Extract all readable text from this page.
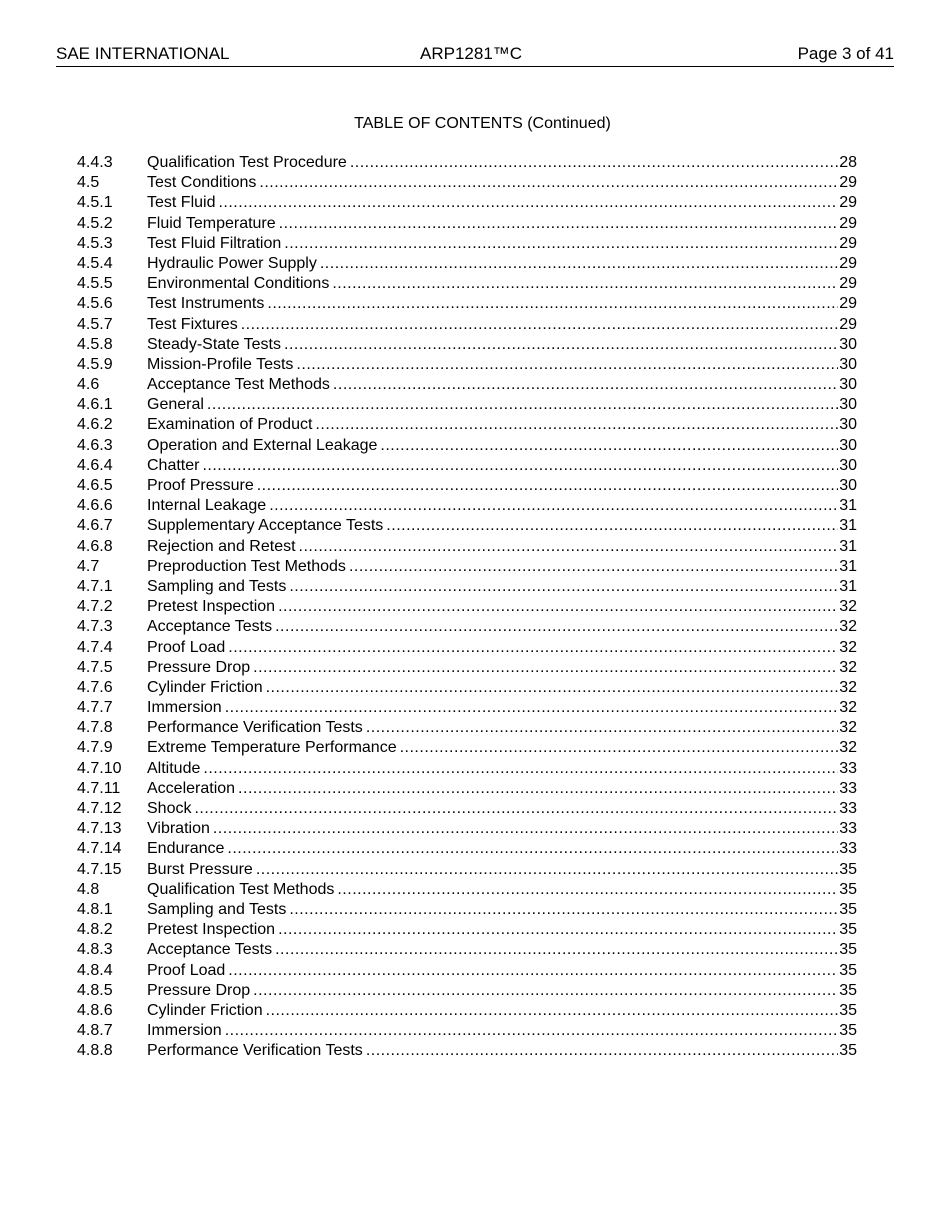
SAE INTERNATIONAL	ARP1281™C	Page 3 of 41
TABLE OF CONTENTS (Continued)
4.4.3	Qualification Test Procedure .....	28
4.5	Test Conditions .....	29
4.5.1	Test Fluid .....	29
4.5.2	Fluid Temperature .....	29
4.5.3	Test Fluid Filtration .....	29
4.5.4	Hydraulic Power Supply .....	29
4.5.5	Environmental Conditions .....	29
4.5.6	Test Instruments .....	29
4.5.7	Test Fixtures .....	29
4.5.8	Steady-State Tests .....	30
4.5.9	Mission-Profile Tests .....	30
4.6	Acceptance Test Methods .....	30
4.6.1	General .....	30
4.6.2	Examination of Product .....	30
4.6.3	Operation and External Leakage .....	30
4.6.4	Chatter .....	30
4.6.5	Proof Pressure .....	30
4.6.6	Internal Leakage .....	31
4.6.7	Supplementary Acceptance Tests .....	31
4.6.8	Rejection and Retest .....	31
4.7	Preproduction Test Methods .....	31
4.7.1	Sampling and Tests .....	31
4.7.2	Pretest Inspection .....	32
4.7.3	Acceptance Tests .....	32
4.7.4	Proof Load .....	32
4.7.5	Pressure Drop .....	32
4.7.6	Cylinder Friction .....	32
4.7.7	Immersion .....	32
4.7.8	Performance Verification Tests .....	32
4.7.9	Extreme Temperature Performance .....	32
4.7.10	Altitude .....	33
4.7.11	Acceleration .....	33
4.7.12	Shock .....	33
4.7.13	Vibration .....	33
4.7.14	Endurance .....	33
4.7.15	Burst Pressure .....	35
4.8	Qualification Test Methods .....	35
4.8.1	Sampling and Tests .....	35
4.8.2	Pretest Inspection .....	35
4.8.3	Acceptance Tests .....	35
4.8.4	Proof Load .....	35
4.8.5	Pressure Drop .....	35
4.8.6	Cylinder Friction .....	35
4.8.7	Immersion .....	35
4.8.8	Performance Verification Tests .....	35
